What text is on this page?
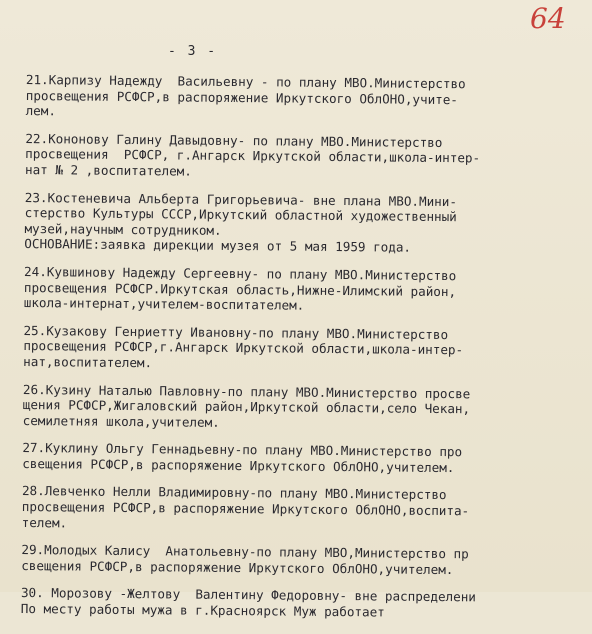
64
- 3 -
21.Карпизу Надежду  Васильевну - по плану МВО.Министерство
просвещения РСФСР,в распоряжение Иркутского ОблОНО,учите-
лем.
22.Кононову Галину Давыдовну- по плану МВО.Министерство
просвещения  РСФСР, г.Ангарск Иркутской области,школа-интер-
нат № 2 ,воспитателем.
23.Костеневича Альберта Григорьевича- вне плана МВО.Мини-
стерство Культуры СССР,Иркутский областной художественный
музей,научным сотрудником.
ОСНОВАНИЕ:заявка дирекции музея от 5 мая 1959 года.
24.Кувшинову Надежду Сергеевну- по плану МВО.Министерство
просвещения РСФСР.Иркутская область,Нижне-Илимский район,
школа-интернат,учителем-воспитателем.
25.Кузакову Генриетту Ивановну-по плану МВО.Министерство
просвещения РСФСР,г.Ангарск Иркутской области,школа-интер-
нат,воспитателем.
26.Кузину Наталью Павловну-по плану МВО.Министерство просве
щения РСФСР,Жигаловский район,Иркутской области,село Чекан,
семилетняя школа,учителем.
27.Куклину Ольгу Геннадьевну-по плану МВО.Миниcтерство про
свещения РСФСР,в распоряжение Иркутского ОблОНО,учителем.
28.Левченко Нелли Владимировну-по плану МВО.Министерство
просвещения РСФСР,в распоряжение Иркутского ОблОНО,воспита-
телем.
29.Молодых Калису  Анатольевну-по плану МВО,Министерство пр
свещения РСФСР,в распоряжение Иркутского ОблОНО,учителем.
30. Морозову -Желтову  Валентину Федоровну- вне распределени
По месту работы мужа в г.Красноярск Муж работает
